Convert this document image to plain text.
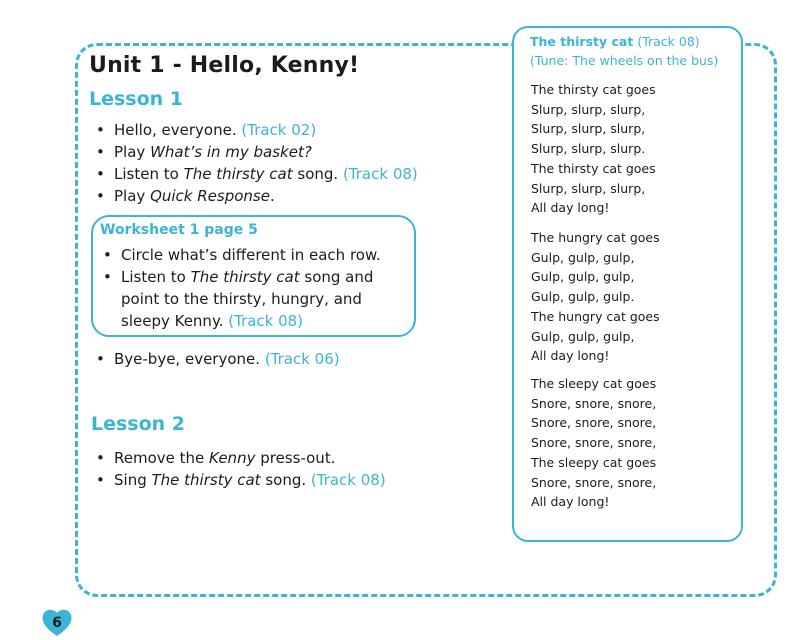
Unit 1 - Hello, Kenny!
Lesson 1
• Hello, everyone. (Track 02)
• Play What’s in my basket?
• Listen to The thirsty cat song. (Track 08)
• Play Quick Response.
Worksheet 1 page 5
• Circle what’s different in each row.
• Listen to The thirsty cat song and point to the thirsty, hungry, and sleepy Kenny. (Track 08)
• Bye-bye, everyone. (Track 06)
Lesson 2
• Remove the Kenny press-out.
• Sing The thirsty cat song. (Track 08)
The thirsty cat (Track 08)
(Tune: The wheels on the bus)
The thirsty cat goes
Slurp, slurp, slurp,
Slurp, slurp, slurp,
Slurp, slurp, slurp.
The thirsty cat goes
Slurp, slurp, slurp,
All day long!
The hungry cat goes
Gulp, gulp, gulp,
Gulp, gulp, gulp,
Gulp, gulp, gulp.
The hungry cat goes
Gulp, gulp, gulp,
All day long!
The sleepy cat goes
Snore, snore, snore,
Snore, snore, snore,
Snore, snore, snore,
The sleepy cat goes
Snore, snore, snore,
All day long!
6
